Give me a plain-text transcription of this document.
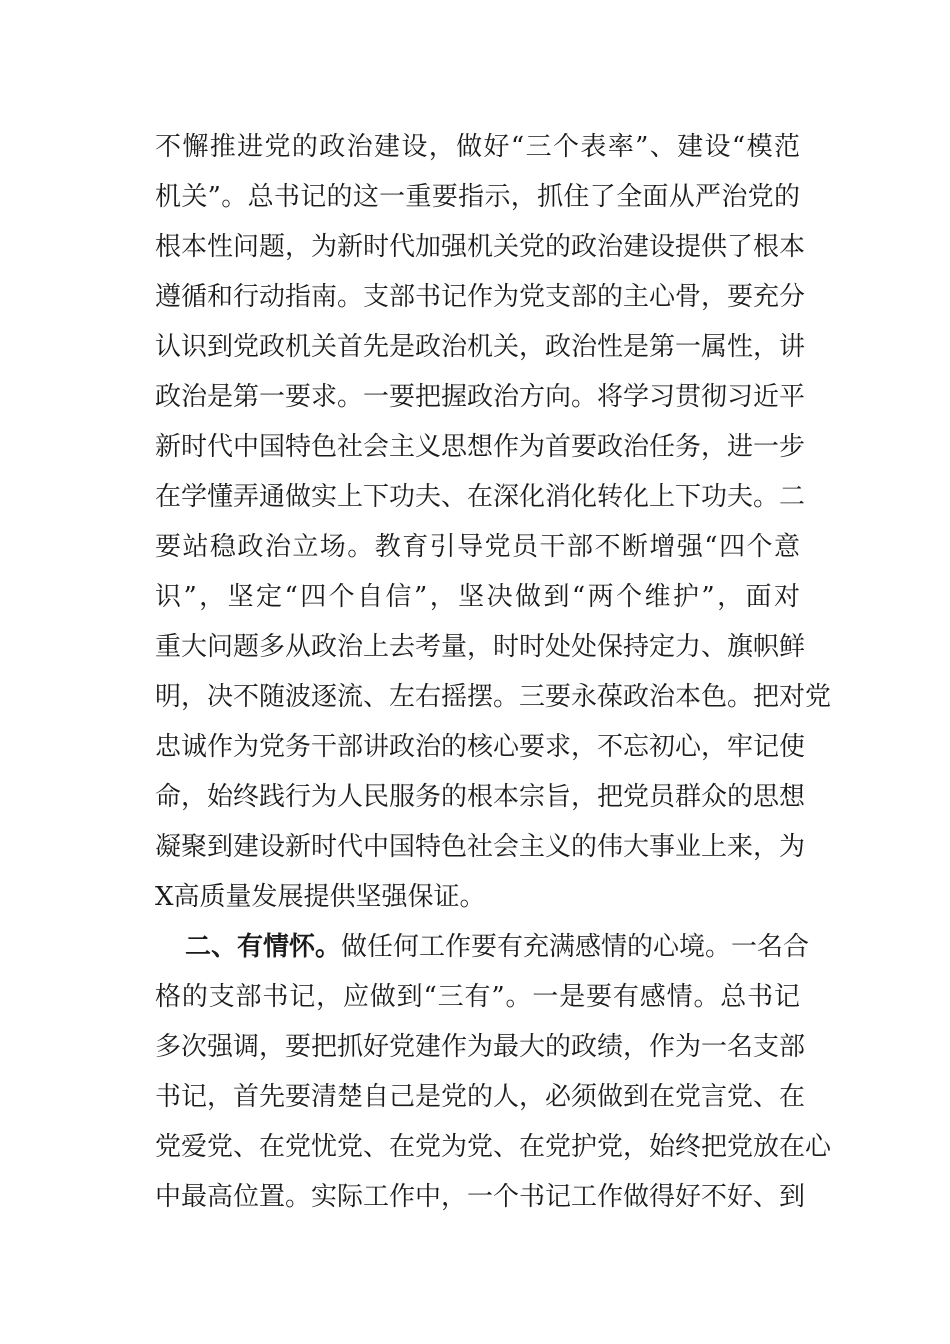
不懈推进党的政治建设，做好“三个表率”、建设“模范
机关”。总书记的这一重要指示，抓住了全面从严治党的
根本性问题，为新时代加强机关党的政治建设提供了根本
遵循和行动指南。支部书记作为党支部的主心骨，要充分
认识到党政机关首先是政治机关，政治性是第一属性，讲
政治是第一要求。一要把握政治方向。将学习贯彻习近平
新时代中国特色社会主义思想作为首要政治任务，进一步
在学懂弄通做实上下功夫、在深化消化转化上下功夫。二
要站稳政治立场。教育引导党员干部不断增强“四个意
识”，坚定“四个自信”，坚决做到“两个维护”，面对
重大问题多从政治上去考量，时时处处保持定力、旗帜鲜
明，决不随波逐流、左右摇摆。三要永葆政治本色。把对党
忠诚作为党务干部讲政治的核心要求，不忘初心，牢记使
命，始终践行为人民服务的根本宗旨，把党员群众的思想
凝聚到建设新时代中国特色社会主义的伟大事业上来，为
X高质量发展提供坚强保证。
二、有情怀。做任何工作要有充满感情的心境。一名合
格的支部书记，应做到“三有”。一是要有感情。总书记
多次强调，要把抓好党建作为最大的政绩，作为一名支部
书记，首先要清楚自己是党的人，必须做到在党言党、在
党爱党、在党忧党、在党为党、在党护党，始终把党放在心
中最高位置。实际工作中，一个书记工作做得好不好、到
